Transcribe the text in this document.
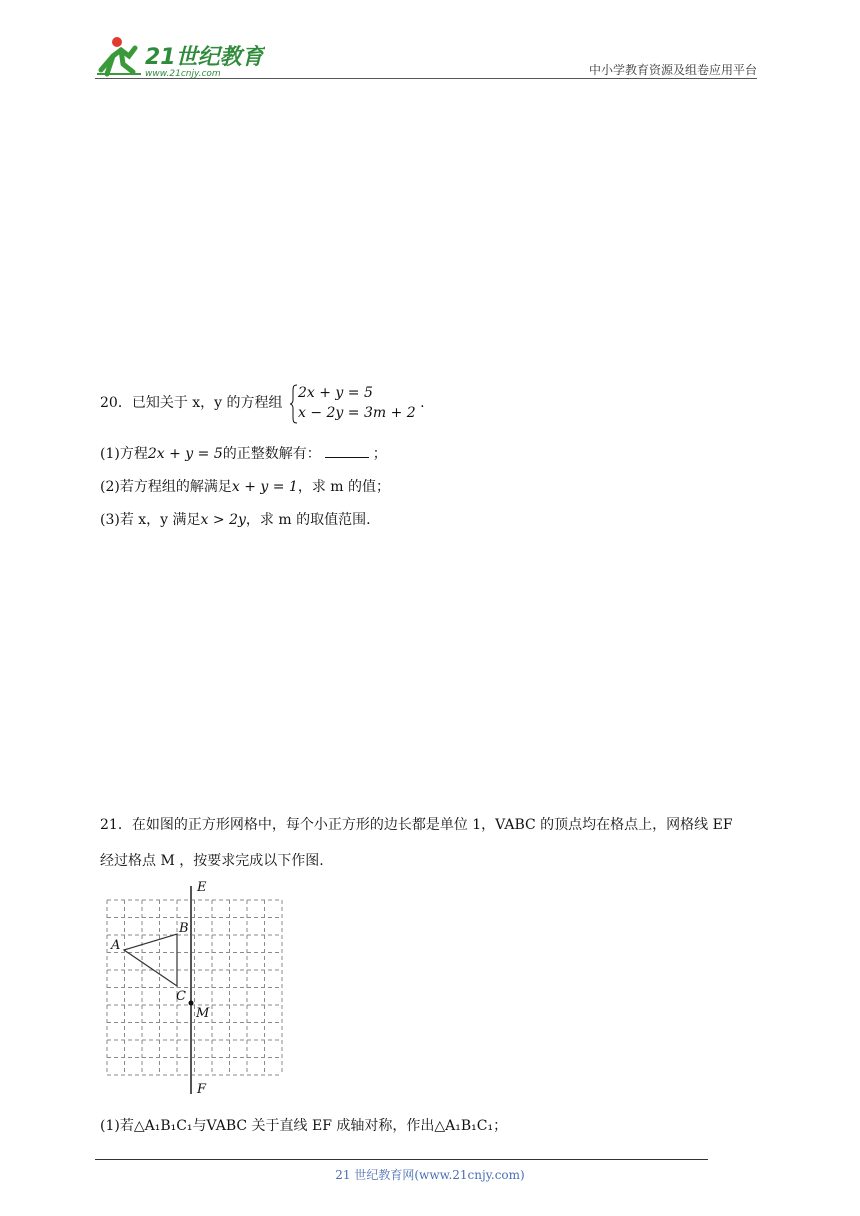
21世纪教育
www.21cnjy.com	中小学教育资源及组卷应用平台
20．已知关于 x，y 的方程组
2x + y = 5
x − 2y = 3m + 2
.
(1)方程2x + y = 5的正整数解有：	；
(2)若方程组的解满足x + y = 1，求 m 的值；
(3)若 x，y 满足x > 2y，求 m 的取值范围.
21．在如图的正方形网格中，每个小正方形的边长都是单位 1，VABC 的顶点均在格点上，网格线 EF
经过格点 M ，按要求完成以下作图.
E
F
A
B
C
M
(1)若△A₁B₁C₁与VABC 关于直线 EF 成轴对称，作出△A₁B₁C₁；
21 世纪教育网(www.21cnjy.com)
